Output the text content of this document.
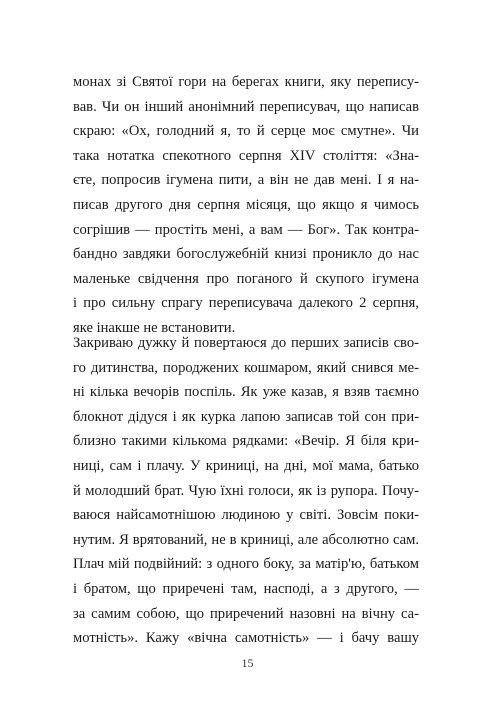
монах зі Святої гори на берегах книги, яку перепису-
вав. Чи он інший анонімний переписувач, що написав
скраю: «Ох, голодний я, то й серце моє смутне». Чи
така нотатка спекотного серпня XIV століття: «Зна-
єте, попросив ігумена пити, а він не дав мені. І я на-
писав другого дня серпня місяця, що якщо я чимось
согрішив — простіть мені, а вам — Бог». Так контра-
бандно завдяки богослужебній книзі проникло до нас
маленьке свідчення про поганого й скупого ігумена
і про сильну спрагу переписувача далекого 2 серпня,
яке інакше не встановити.
Закриваю дужку й повертаюся до перших записів сво-
го дитинства, породжених кошмаром, який снився ме-
ні кілька вечорів поспіль. Як уже казав, я взяв таємно
блокнот дідуся і як курка лапою записав той сон при-
близно такими кількома рядками: «Вечір. Я біля кри-
ниці, сам і плачу. У криниці, на дні, мої мама, батько
й молодший брат. Чую їхні голоси, як із рупора. Почу-
ваюся найсамотнішою людиною у світі. Зовсім поки-
нутим. Я врятований, не в криниці, але абсолютно сам.
Плач мій подвійний: з одного боку, за матір'ю, батьком
і братом, що приречені там, насподі, а з другого, —
за самим собою, що приречений назовні на вічну са-
мотність». Кажу «вічна самотність» — і бачу вашу
15
